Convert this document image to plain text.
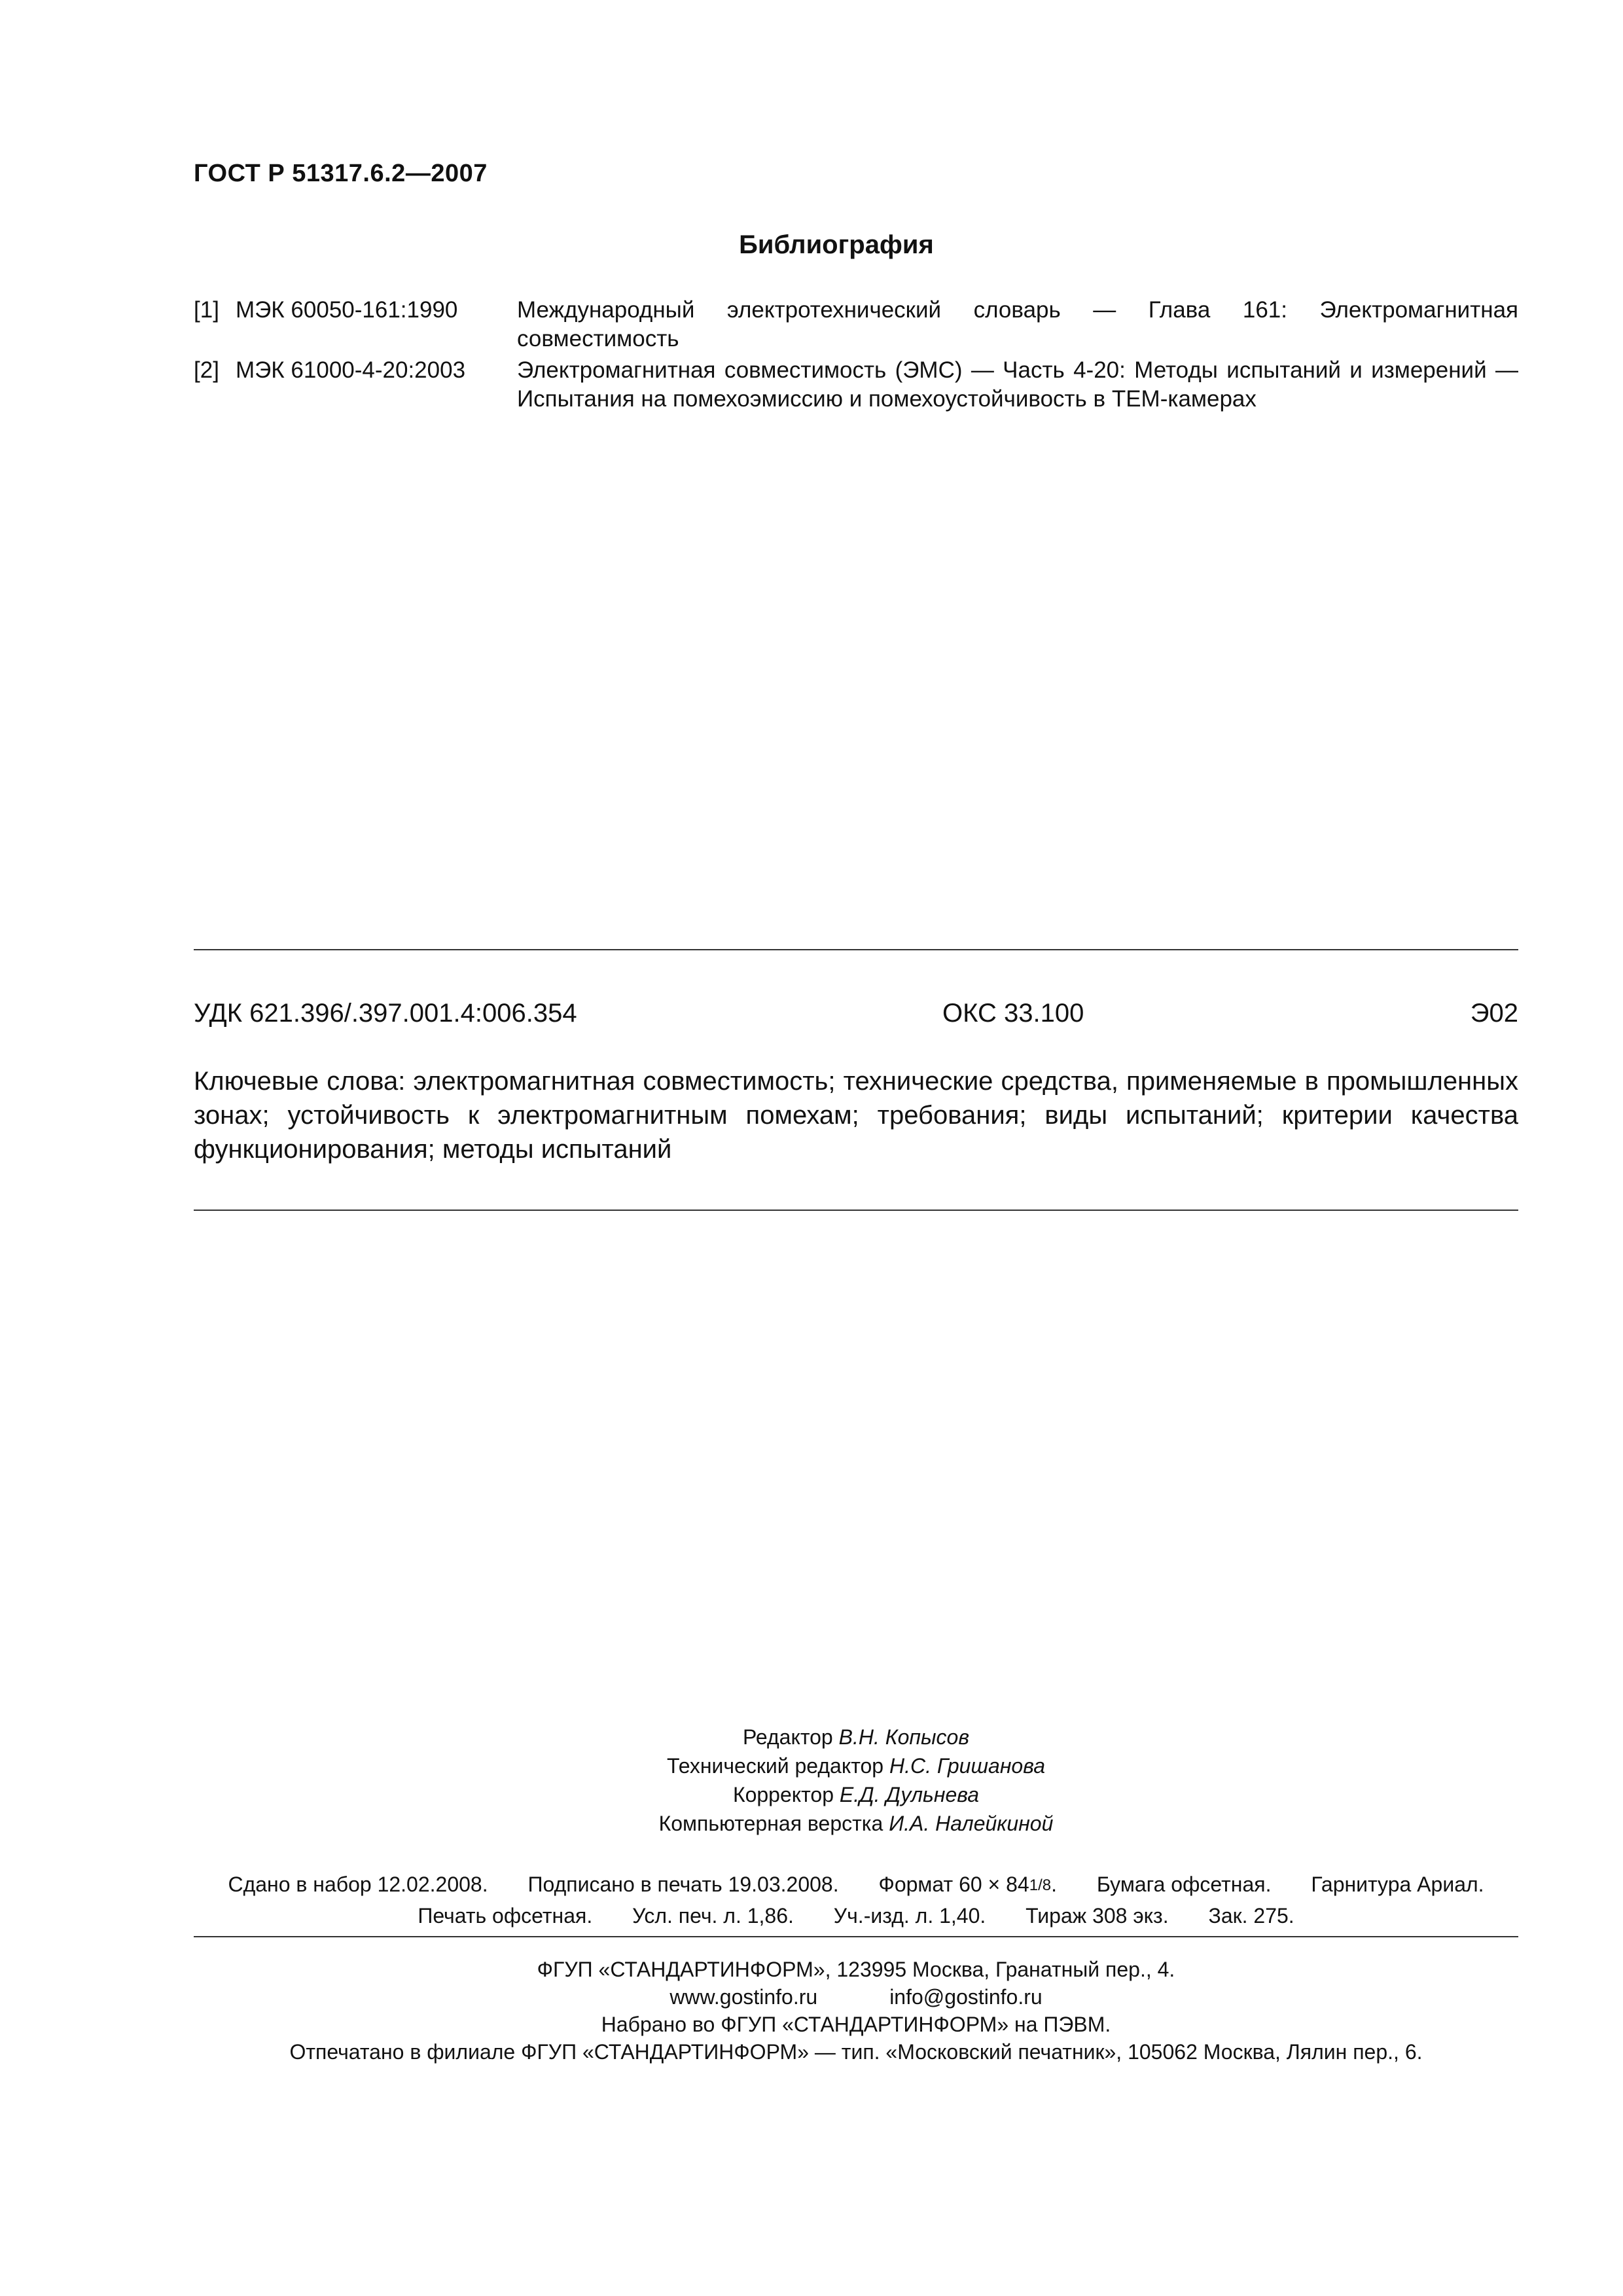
ГОСТ Р 51317.6.2—2007
Библиография
[1] МЭК 60050-161:1990	Международный электротехнический словарь — Глава 161: Электромагнитная совместимость
[2] МЭК 61000-4-20:2003	Электромагнитная совместимость (ЭМС) — Часть 4-20: Методы испытаний и измерений — Испытания на помехоэмиссию и помехоустойчивость в ТЕМ-камерах
УДК 621.396/.397.001.4:006.354	ОКС 33.100	Э02
Ключевые слова: электромагнитная совместимость; технические средства, применяемые в промышленных зонах; устойчивость к электромагнитным помехам; требования; виды испытаний; критерии качества функционирования; методы испытаний
Редактор В.Н. Копысов
Технический редактор Н.С. Гришанова
Корректор Е.Д. Дульнева
Компьютерная верстка И.А. Налейкиной
Сдано в набор 12.02.2008. Подписано в печать 19.03.2008. Формат 60 × 841/8. Бумага офсетная. Гарнитура Ариал.
Печать офсетная. Усл. печ. л. 1,86. Уч.-изд. л. 1,40. Тираж 308 экз. Зак. 275.
ФГУП «СТАНДАРТИНФОРМ», 123995 Москва, Гранатный пер., 4.
www.gostinfo.ru	info@gostinfo.ru
Набрано во ФГУП «СТАНДАРТИНФОРМ» на ПЭВМ.
Отпечатано в филиале ФГУП «СТАНДАРТИНФОРМ» — тип. «Московский печатник», 105062 Москва, Лялин пер., 6.
